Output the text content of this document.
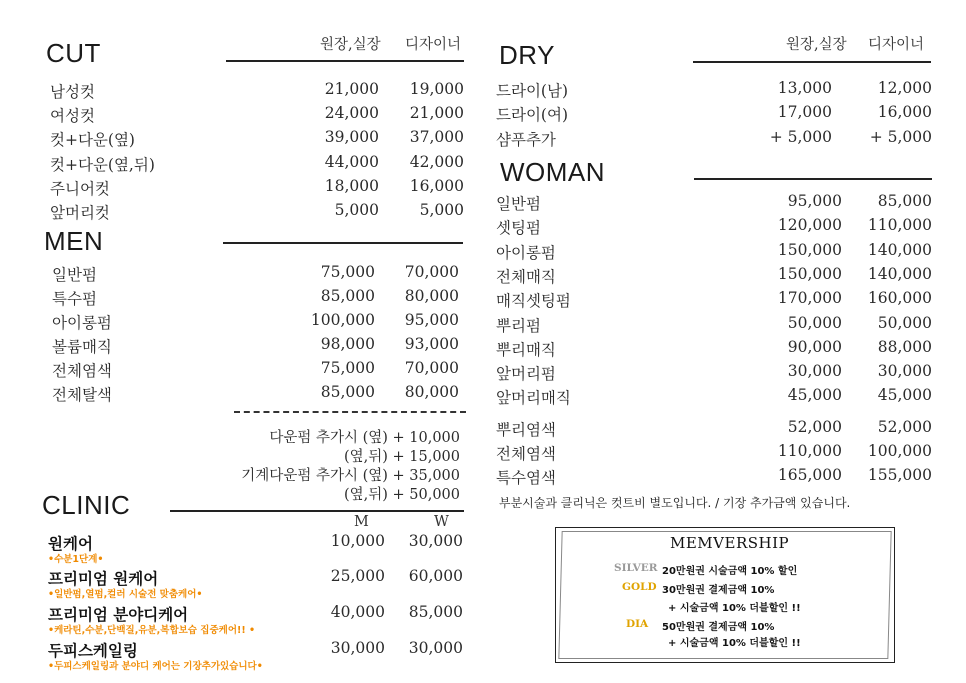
CUT	원장,실장 디자이너
남성컷	21,000 19,000
여성컷	24,000 21,000
컷+다운(옆)	39,000 37,000
컷+다운(옆,뒤)	44,000 42,000
주니어컷	18,000 16,000
앞머리컷	5,000	5,000
MEN
일반펌	75,000 70,000
특수펌	85,000 80,000
아이롱펌	100,000 95,000
볼륨매직	98,000 93,000
전체염색	75,000 70,000
전체탈색	85,000 80,000
다운펌 추가시 (옆) + 10,000
(옆,뒤) + 15,000
기계다운펌 추가시 (옆) + 35,000
(옆,뒤) + 50,000
CLINIC
M	W
원케어
•수분1단계•
10,000	30,000
프리미엄 원케어
•일반펌,열펌,컬러 시술전 맞춤케어•
25,000	60,000
프리미엄 분야디케어
•케라틴,수분,단백질,유분,복합보습 집중케어!! •
40,000	85,000
두피스케일링
•두피스케일링과 분야디 케어는 기장추가있습니다•
30,000	30,000
DRY	원장,실장 디자이너
드라이(남)	13,000	12,000
드라이(여)	17,000	16,000
샴푸추가	+ 5,000 + 5,000
WOMAN
일반펌	95,000 85,000
셋팅펌	120,000 110,000
아이롱펌	150,000 140,000
전체매직	150,000 140,000
매직셋팅펌	170,000 160,000
뿌리펌	50,000 50,000
뿌리매직	90,000 88,000
앞머리펌	30,000 30,000
앞머리매직	45,000 45,000
뿌리염색	52,000 52,000
전체염색	110,000 100,000
특수염색	165,000 155,000
부분시술과 클리닉은 컷트비 별도입니다. / 기장 추가금액 있습니다.
MEMVERSHIP
SILVER 20만원권 시술금액 10% 할인
GOLD 30만원권 결제금액 10%
+ 시술금액 10% 더블할인 !!
DIA 50만원권 결제금액 10%
+ 시술금액 10% 더블할인 !!
